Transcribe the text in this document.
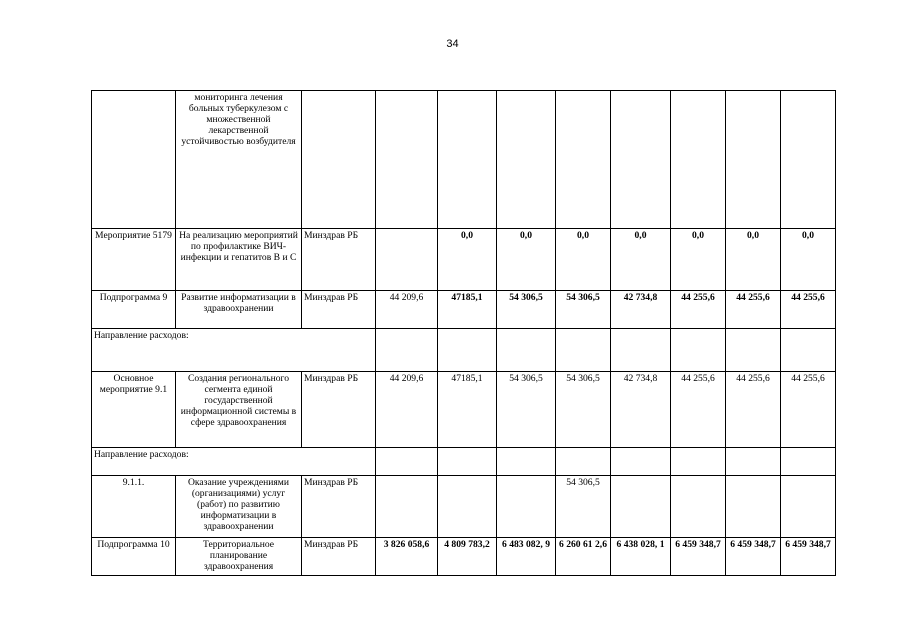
34
	мониторинга лечения больных туберкулезом с множественной лекарственной устойчивостью возбудителя									
Мероприятие 5179	На реализацию мероприятий по профилактике ВИЧ-инфекции и гепатитов В и С	Минздрав РБ		0,0	0,0	0,0	0,0	0,0	0,0	0,0
Подпрограмма 9	Развитие информатизации в здравоохранении	Минздрав РБ	44 209,6	47185,1	54 306,5	54 306,5	42 734,8	44 255,6	44 255,6	44 255,6
Направление расходов:										
Основное мероприятие 9.1	Создания регионального сегмента единой государственной информационной системы в сфере здравоохранения	Минздрав РБ	44 209,6	47185,1	54 306,5	54 306,5	42 734,8	44 255,6	44 255,6	44 255,6
Направление расходов:										
9.1.1.	Оказание учреждениями (организациями) услуг (работ) по развитию информатизации в здравоохранении	Минздрав РБ				54 306,5				
Подпрограмма 10	Территориальное планирование здравоохранения	Минздрав РБ	3 826 058,6	4 809 783,2	6 483 082, 9	6 260 61 2,6	6 438 028, 1	6 459 348,7	6 459 348,7	6 459 348,7
